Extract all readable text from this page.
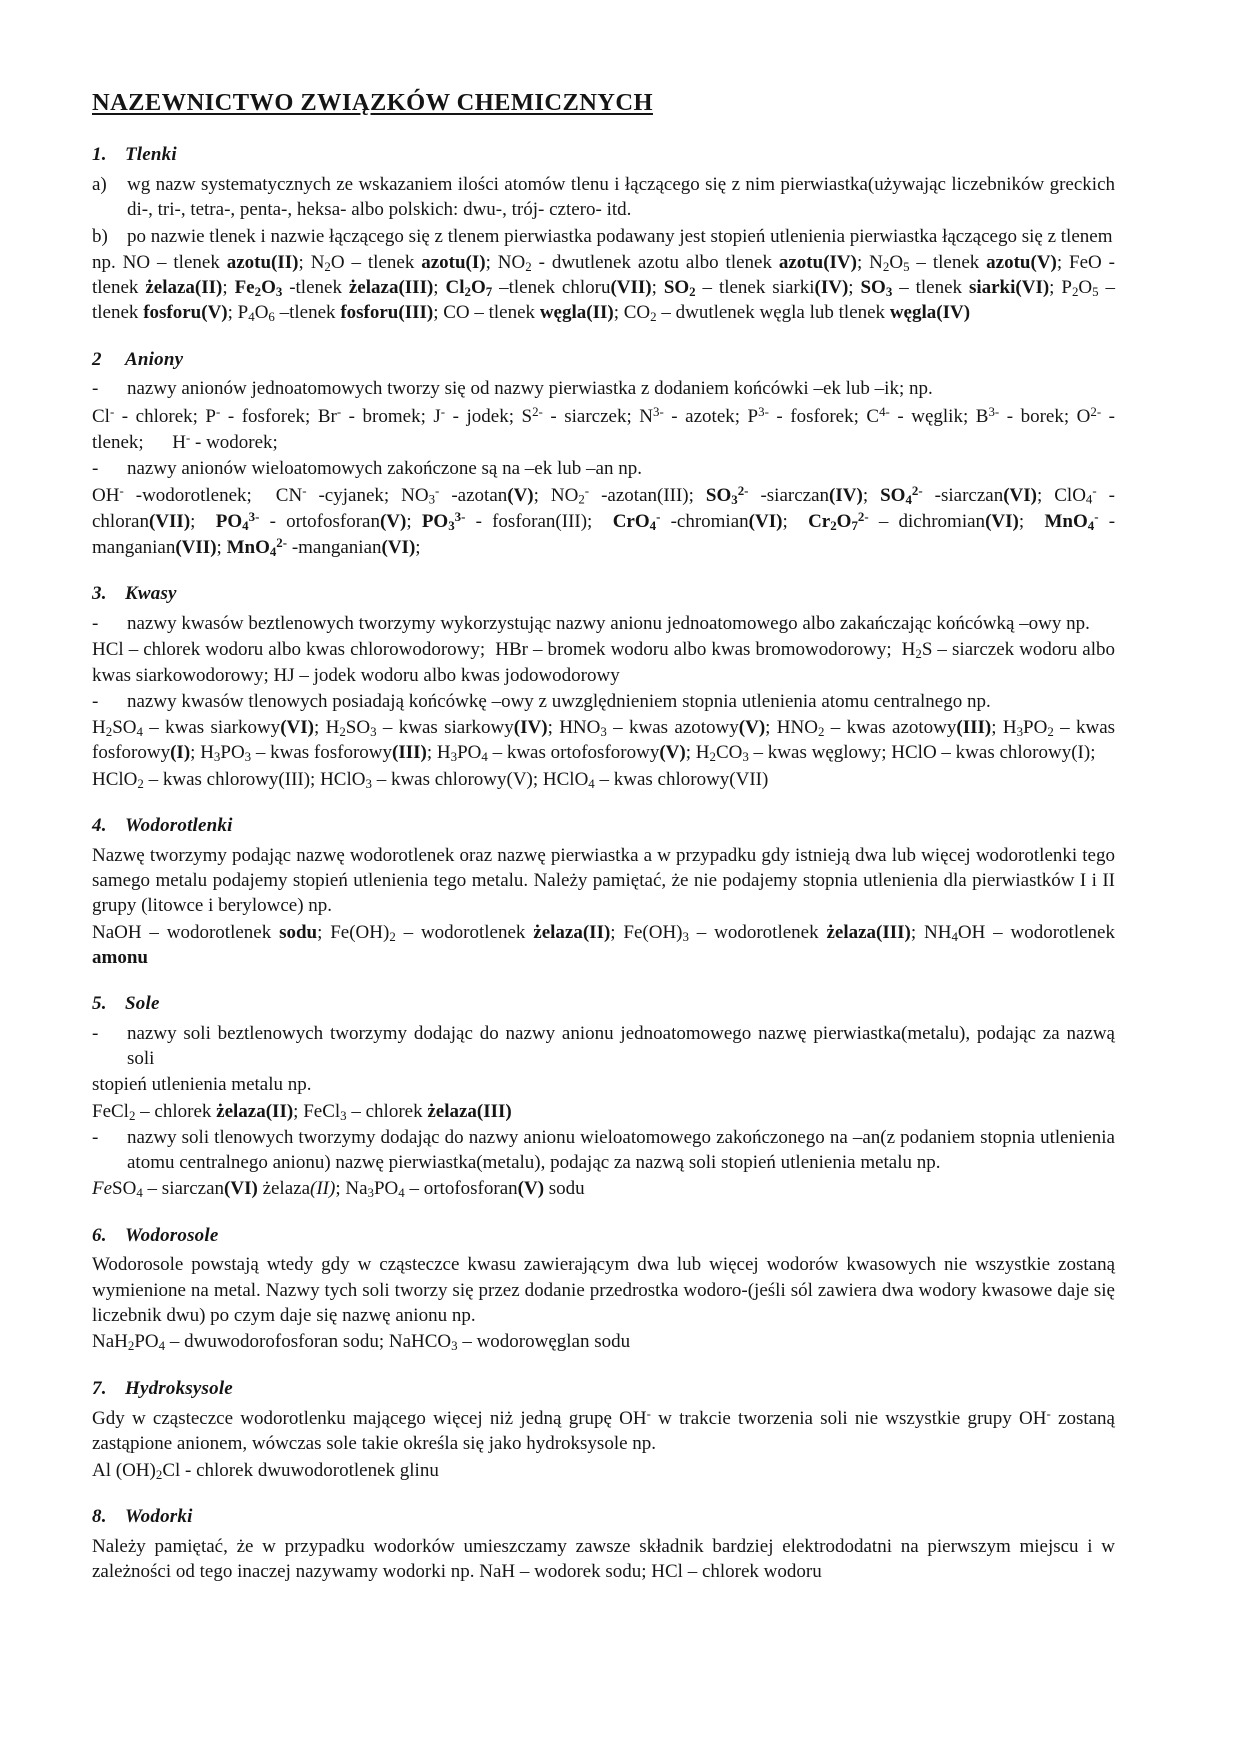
NAZEWNICTWO ZWIĄZKÓW CHEMICZNYCH
1. Tlenki
a)	wg nazw systematycznych ze wskazaniem ilości atomów tlenu i łączącego się z nim pierwiastka(używając liczebników greckich di-, tri-, tetra-, penta-, heksa- albo polskich: dwu-, trój- cztero- itd.
b)	po nazwie tlenek i nazwie łączącego się z tlenem pierwiastka podawany jest stopień utlenienia pierwiastka łączącego się z tlenem

np. NO – tlenek azotu(II); $N_2O$ – tlenek azotu(I); $NO_2$ - dwutlenek azotu albo tlenek azotu(IV); $N_2O_5$ – tlenek azotu(V); FeO -tlenek żelaza(II); $Fe_2O_3$ -tlenek żelaza(III); $Cl_2O_7$ –tlenek chloru(VII); $SO_2$ – tlenek siarki(IV); $SO_3$ – tlenek siarki(VI); $P_2O_5$ –tlenek fosforu(V); $P_4O_6$ –tlenek fosforu(III); CO – tlenek węgla(II); $CO_2$ – dwutlenek węgla lub tlenek węgla(IV)

2 Aniony
-	nazwy anionów jednoatomowych tworzy się od nazwy pierwiastka z dodaniem końcówki –ek lub –ik; np.

Cl- - chlorek; P- - fosforek; Br- - bromek; J- - jodek; $S^{2-}$ - siarczek; $N^{3-}$ - azotek; $P^{3-}$ - fosforek; $C^{4-}$ - węglik; $B^{3-}$ - borek; $O^{2-}$ - tlenek;      H- - wodorek;

-	nazwy anionów wieloatomowych zakończone są na –ek lub –an np.

OH- -wodorotlenek;  CN- -cyjanek; $NO_3^-$ -azotan(V); $NO_2^-$ -azotan(III); $SO_3^{2-}$ -siarczan(IV); $SO_4^{2-}$ -siarczan(VI); ClO$_4$- -chloran(VII);  $PO_4^{3-}$ - ortofosforan(V); $PO_3^{3-}$ - fosforan(III);  CrO$_4$- -chromian(VI);  $Cr_2O_7^{2-}$ – dichromian(VI);  MnO$_4$- -manganian(VII); MnO$_4^{2-}$ -manganian(VI);

3. Kwasy
-	nazwy kwasów beztlenowych tworzymy wykorzystując nazwy anionu jednoatomowego albo zakańczając końcówką –owy np.

HCl – chlorek wodoru albo kwas chlorowodorowy;  HBr – bromek wodoru albo kwas bromowodorowy;  $H_2S$ – siarczek wodoru albo kwas siarkowodorowy; HJ – jodek wodoru albo kwas jodowodorowy

-	nazwy kwasów tlenowych posiadają końcówkę –owy z uwzględnieniem stopnia utlenienia atomu centralnego np.

$H_2SO_4$ – kwas siarkowy(VI); $H_2SO_3$ – kwas siarkowy(IV); $HNO_3$ – kwas azotowy(V); $HNO_2$ – kwas azotowy(III); $H_3PO_2$ – kwas fosforowy(I); $H_3PO_3$ – kwas fosforowy(III); $H_3PO_4$ – kwas ortofosforowy(V); $H_2CO_3$ – kwas węglowy; HClO – kwas chlorowy(I);

HClO$_2$ – kwas chlorowy(III); HClO$_3$ – kwas chlorowy(V); HClO$_4$ – kwas chlorowy(VII)

4. Wodorotlenki

Nazwę tworzymy podając nazwę wodorotlenek oraz nazwę pierwiastka a w przypadku gdy istnieją dwa lub więcej wodorotlenki tego samego metalu podajemy stopień utlenienia tego metalu. Należy pamiętać, że nie podajemy stopnia utlenienia dla pierwiastków I i II grupy (litowce i berylowce) np.

NaOH – wodorotlenek sodu; $Fe(OH)_2$ – wodorotlenek żelaza(II); $Fe(OH)_3$ – wodorotlenek żelaza(III); $NH_4OH$ – wodorotlenek amonu

5. Sole
-	nazwy soli beztlenowych tworzymy dodając do nazwy anionu jednoatomowego nazwę pierwiastka(metalu), podając za nazwą soli

stopień utlenienia metalu np.

FeCl$_2$ – chlorek żelaza(II); FeCl$_3$ – chlorek żelaza(III)

-	nazwy soli tlenowych tworzymy dodając do nazwy anionu wieloatomowego zakończonego na –an(z podaniem stopnia utlenienia atomu centralnego anionu) nazwę pierwiastka(metalu), podając za nazwą soli stopień utlenienia metalu np.

FeSO$_4$ – siarczan(VI) żelaza(II); $Na_3PO_4$ – ortofosforan(V) sodu

6. Wodorosole

Wodorosole powstają wtedy gdy w cząsteczce kwasu zawierającym dwa lub więcej wodorów kwasowych nie wszystkie zostaną wymienione na metal. Nazwy tych soli tworzy się przez dodanie przedrostka wodoro-(jeśli sól zawiera dwa wodory kwasowe daje się liczebnik dwu) po czym daje się nazwę anionu np.

$NaH_2PO_4$ – dwuwodorofosforan sodu; NaHCO$_3$ – wodorowęglan sodu

7. Hydroksysole

Gdy w cząsteczce wodorotlenku mającego więcej niż jedną grupę OH- w trakcie tworzenia soli nie wszystkie grupy OH- zostaną zastąpione anionem, wówczas sole takie określa się jako hydroksysole np.

Al $(OH)_2Cl$ - chlorek dwuwodorotlenek glinu

8. Wodorki

Należy pamiętać, że w przypadku wodorków umieszczamy zawsze składnik bardziej elektrododatni na pierwszym miejscu i w zależności od tego inaczej nazywamy wodorki np. NaH – wodorek sodu; HCl – chlorek wodoru
